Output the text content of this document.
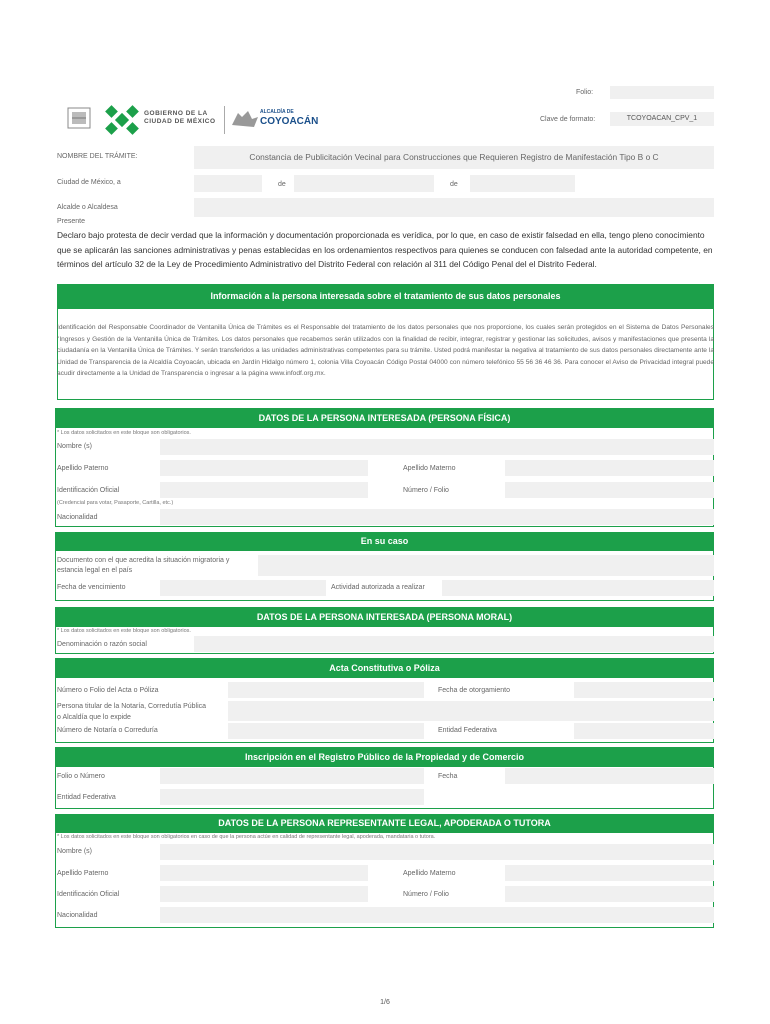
Folio:
Clave de formato:	TCOYOACAN_CPV_1
GOBIERNO DE LA
CIUDAD DE MÉXICO
ALCALDÍA DE
COYOACÁN
NOMBRE DEL TRÁMITE:	Constancia de Publicitación Vecinal para Construcciones que Requieren Registro de Manifestación Tipo B o C
Ciudad de México, a	de	de
Alcalde o Alcaldesa
Presente
Declaro bajo protesta de decir verdad que la información y documentación proporcionada es verídica, por lo que, en caso de existir falsedad en ella, tengo pleno conocimiento que se aplicarán las sanciones administrativas y penas establecidas en los ordenamientos respectivos para quienes se conducen con falsedad ante la autoridad competente, en términos del artículo 32 de la Ley de Procedimiento Administrativo del Distrito Federal con relación al 311 del Código Penal del el Distrito Federal.
Información a la persona interesada sobre el tratamiento de sus datos personales
Identificación del Responsable Coordinador de Ventanilla Única de Trámites es el Responsable del tratamiento de los datos personales que nos proporcione, los cuales serán protegidos en el Sistema de Datos Personales "Ingresos y Gestión de la Ventanilla Única de Trámites. Los datos personales que recabemos serán utilizados con la finalidad de recibir, integrar, registrar y gestionar las solicitudes, avisos y manifestaciones que presenta la ciudadanía en la Ventanilla Única de Trámites. Y serán transferidos a las unidades administrativas competentes para su trámite. Usted podrá manifestar la negativa al tratamiento de sus datos personales directamente ante la Unidad de Transparencia de la Alcaldía Coyoacán, ubicada en Jardín Hidalgo número 1, colonia Villa Coyoacán Código Postal 04000 con número telefónico 55 56 36 46 36. Para conocer el Aviso de Privacidad integral puede acudir directamente a la Unidad de Transparencia o ingresar a la página www.infodf.org.mx.
DATOS DE LA PERSONA INTERESADA (PERSONA FÍSICA)
* Los datos solicitados en este bloque son obligatorios.
Nombre (s)
Apellido Paterno	Apellido Materno
Identificación Oficial	Número / Folio
(Credencial para votar, Pasaporte, Cartilla, etc.)
Nacionalidad
En su caso
Documento con el que acredita la situación migratoria y
estancia legal en el país
Fecha de vencimiento	Actividad autorizada a realizar
DATOS DE LA PERSONA INTERESADA (PERSONA MORAL)
* Los datos solicitados en este bloque son obligatorios.
Denominación o razón social
Acta Constitutiva o Póliza
Número o Folio del Acta o Póliza	Fecha de otorgamiento
Persona titular de la Notaría, Corredutía Pública
o Alcaldía que lo expide
Número de Notaría o Correduría	Entidad Federativa
Inscripción en el Registro Público de la Propiedad y de Comercio
Folio o Número	Fecha
Entidad Federativa
DATOS DE LA PERSONA REPRESENTANTE LEGAL, APODERADA O TUTORA
* Los datos solicitados en este bloque son obligatorios en caso de que la persona actúe en calidad de representante legal, apoderada, mandataria o tutora.
Nombre (s)
Apellido Paterno	Apellido Materno
Identificación Oficial	Número / Folio
Nacionalidad
1/6
